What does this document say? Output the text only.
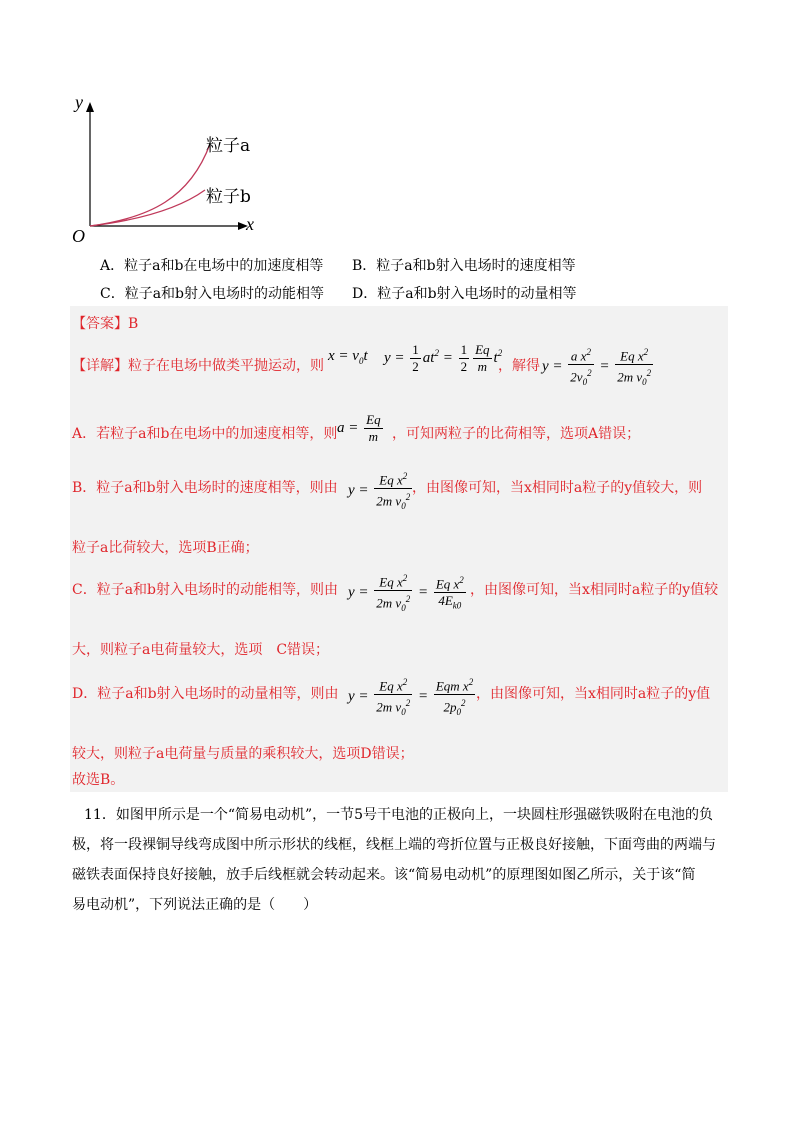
y
x
O
粒子a
粒子b
A．粒子a和b在电场中的加速度相等 B．粒子a和b射入电场时的速度相等
C．粒子a和b射入电场时的动能相等 D．粒子a和b射入电场时的动量相等
【答案】B
【详解】粒子在电场中做类平抛运动，则
$x = v_0t$ $y = \frac{1}{2} at^2 = \frac{1}{2} \frac{Eq}{m} t^2$
，解得 $y = \frac{a x^2}{2v_0^2} = \frac{Eq x^2}{2m v_0^2}$
A．若粒子a和b在电场中的加速度相等，则 $a = \frac{Eq}{m}$ ，可知两粒子的比荷相等，选项A错误；
B．粒子a和b射入电场时的速度相等，则由 $y = \frac{Eq x^2}{2m v_0^2}$ ，由图像可知，当x相同时a粒子的y值较大，则
粒子a比荷较大，选项B正确；
C．粒子a和b射入电场时的动能相等，则由 $y = \frac{Eq x^2}{2m v_0^2} = \frac{Eq x^2}{4E_{k0}}$ ，由图像可知，当x相同时a粒子的y值较
大，则粒子a电荷量较大，选项　C错误；
D．粒子a和b射入电场时的动量相等，则由 $y = \frac{Eq x^2}{2m v_0^2} = \frac{Eqm x^2}{2p_0^2}$ ，由图像可知，当x相同时a粒子的y值
较大，则粒子a电荷量与质量的乘积较大，选项D错误；
故选B。
11．如图甲所示是一个“简易电动机”，一节5号干电池的正极向上，一块圆柱形强磁铁吸附在电池的负
极，将一段裸铜导线弯成图中所示形状的线框，线框上端的弯折位置与正极良好接触，下面弯曲的两端与
磁铁表面保持良好接触，放手后线框就会转动起来。该“简易电动机”的原理图如图乙所示，关于该“简
易电动机”，下列说法正确的是（　　）
